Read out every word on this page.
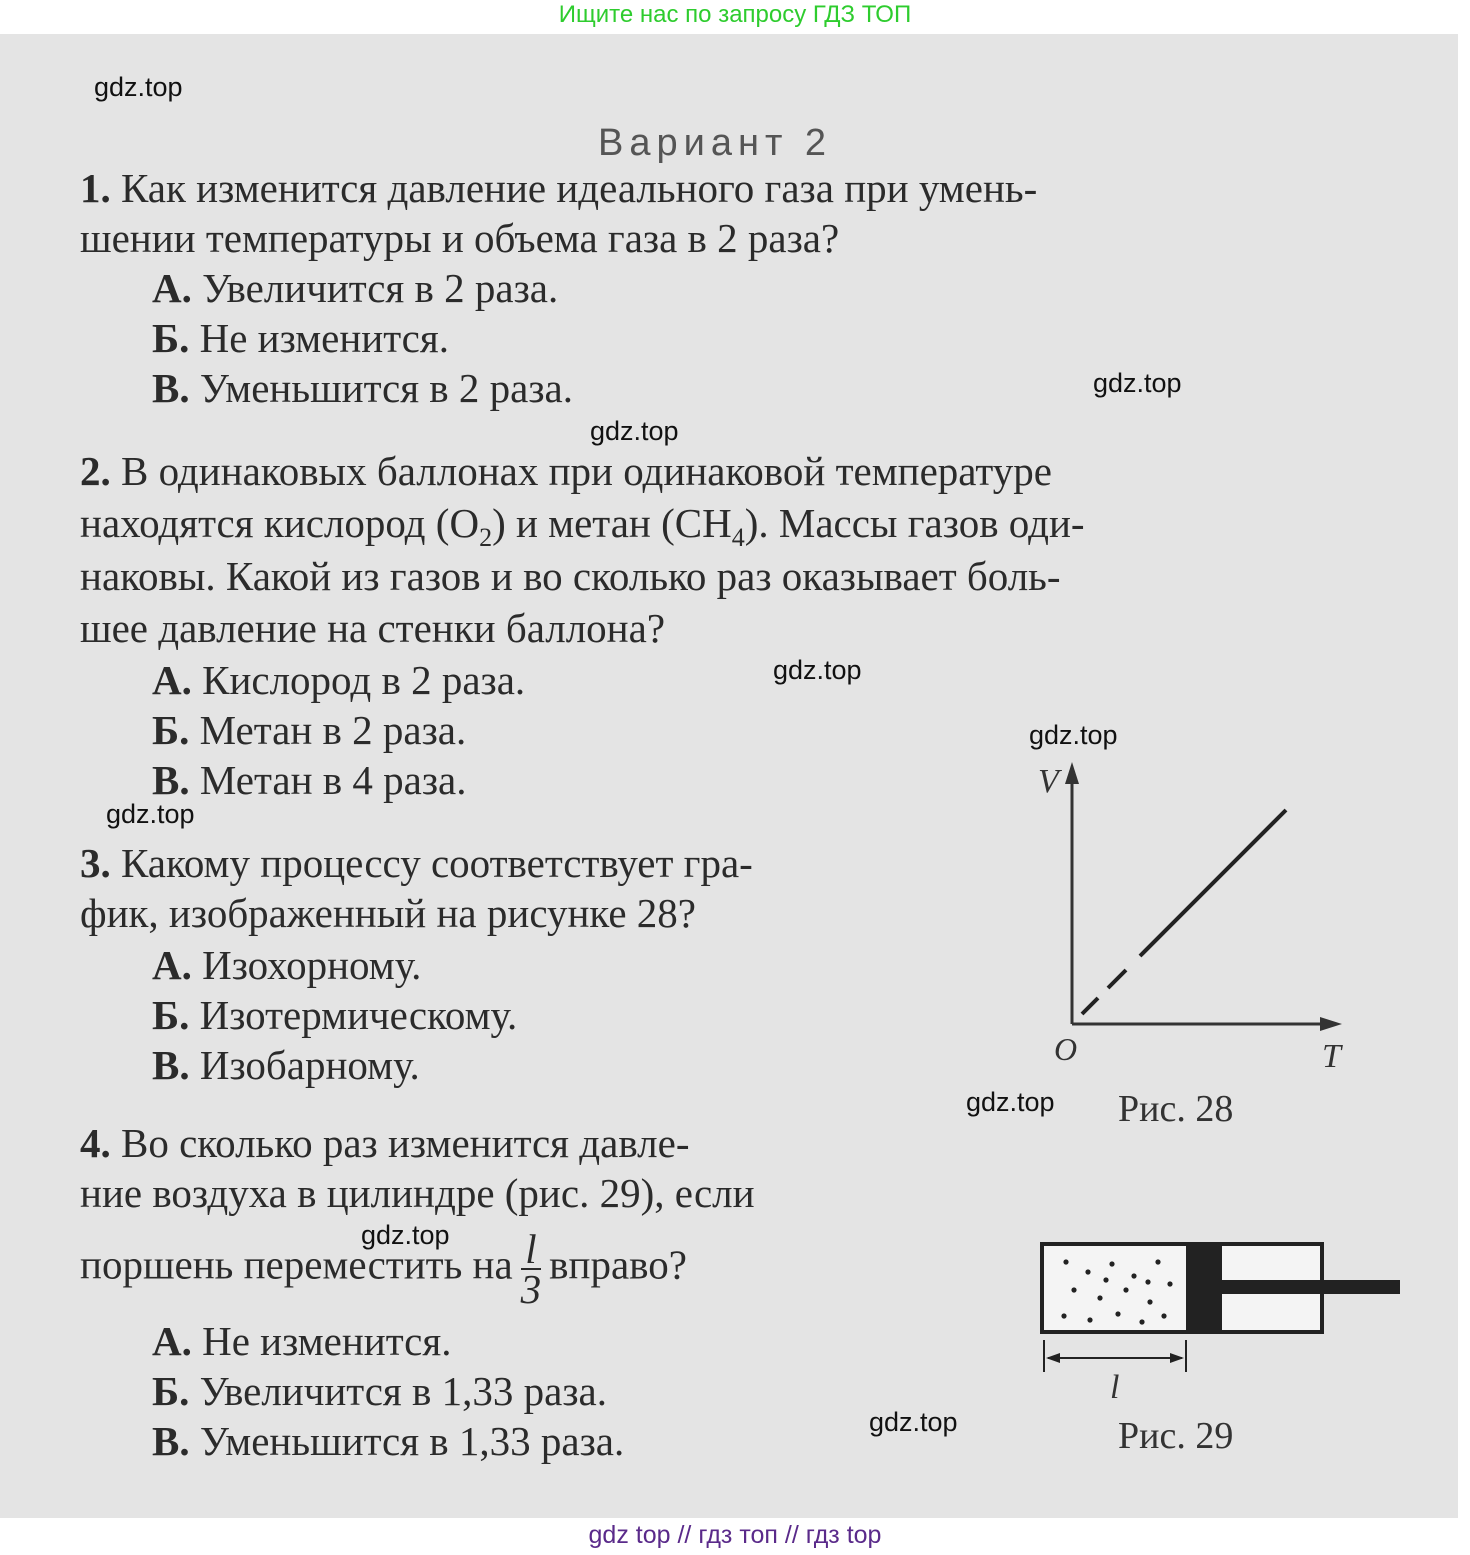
Ищите нас по запросу ГДЗ ТОП
gdz.top
gdz.top
gdz.top
gdz.top
gdz.top
gdz.top
gdz.top
gdz.top
gdz.top
Вариант 2
1. Как изменится давление идеального газа при умень-
шении температуры и объема газа в 2 раза?
А. Увеличится в 2 раза.
Б. Не изменится.
В. Уменьшится в 2 раза.
2. В одинаковых баллонах при одинаковой температуре
находятся кислород $(O_2)$ и метан $(CH_4)$. Массы газов оди-
наковы. Какой из газов и во сколько раз оказывает боль-
шее давление на стенки баллона?
А. Кислород в 2 раза.
Б. Метан в 2 раза.
В. Метан в 4 раза.
3. Какому процессу соответствует гра-
фик, изображенный на рисунке 28?
А. Изохорному.
Б. Изотермическому.
В. Изобарному.
V
T
O
Рис. 28
4. Во сколько раз изменится давле-
ние воздуха в цилиндре (рис. 29), если
поршень переместить на $\frac{l}{3}$ вправо?
А. Не изменится.
Б. Увеличится в 1,33 раза.
В. Уменьшится в 1,33 раза.
l
Рис. 29
gdz top // гдз топ // гдз top
